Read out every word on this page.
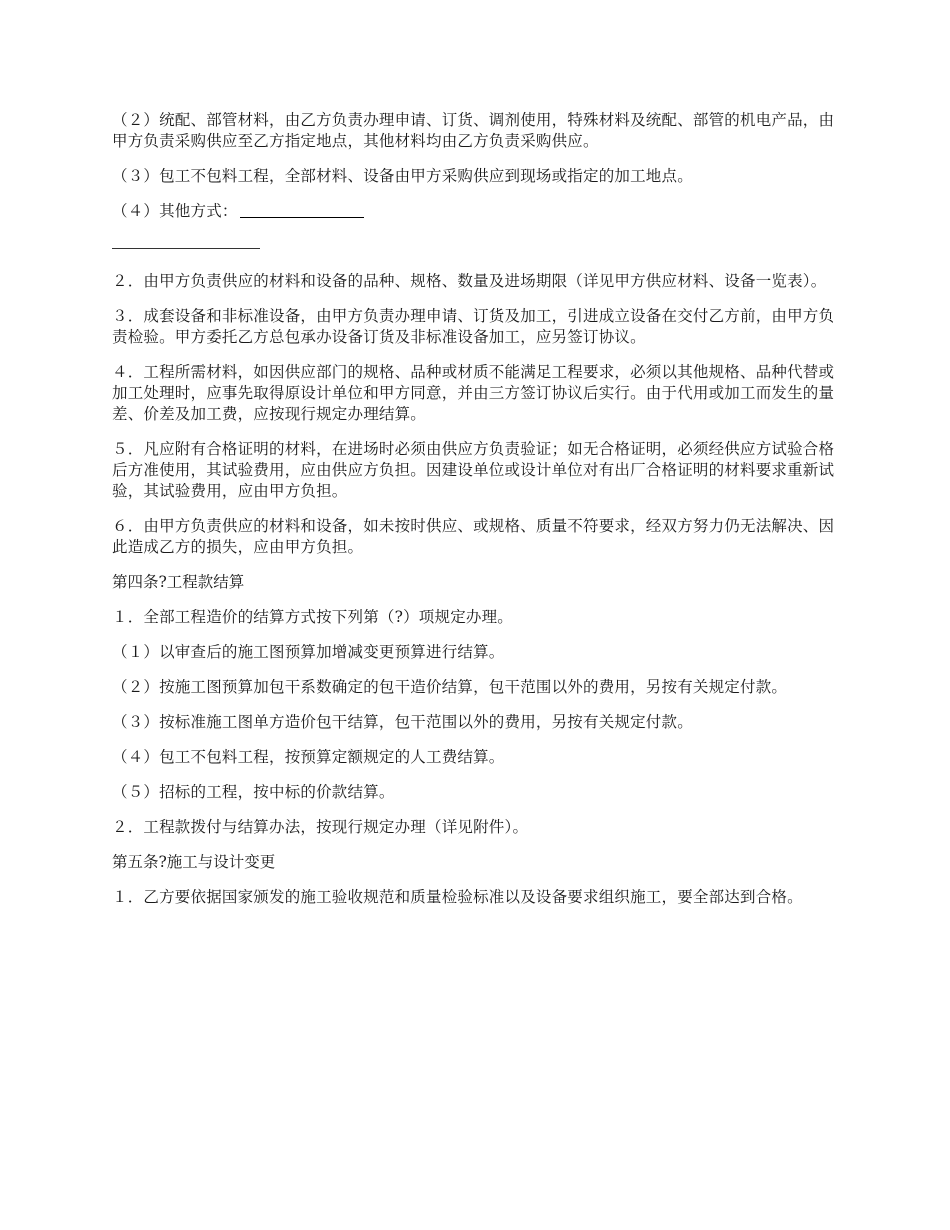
（２）统配、部管材料，由乙方负责办理申请、订货、调剂使用，特殊材料及统配、部管的机电产品，由甲方负责采购供应至乙方指定地点，其他材料均由乙方负责采购供应。

（３）包工不包料工程，全部材料、设备由甲方采购供应到现场或指定的加工地点。

（４）其他方式：

２．由甲方负责供应的材料和设备的品种、规格、数量及进场期限（详见甲方供应材料、设备一览表）。

３．成套设备和非标准设备，由甲方负责办理申请、订货及加工，引进成立设备在交付乙方前，由甲方负责检验。甲方委托乙方总包承办设备订货及非标准设备加工，应另签订协议。

４．工程所需材料，如因供应部门的规格、品种或材质不能满足工程要求，必须以其他规格、品种代替或加工处理时，应事先取得原设计单位和甲方同意，并由三方签订协议后实行。由于代用或加工而发生的量差、价差及加工费，应按现行规定办理结算。

５．凡应附有合格证明的材料，在进场时必须由供应方负责验证；如无合格证明，必须经供应方试验合格后方准使用，其试验费用，应由供应方负担。因建设单位或设计单位对有出厂合格证明的材料要求重新试验，其试验费用，应由甲方负担。

６．由甲方负责供应的材料和设备，如未按时供应、或规格、质量不符要求，经双方努力仍无法解决、因此造成乙方的损失，应由甲方负担。

第四条?工程款结算

１．全部工程造价的结算方式按下列第（?）项规定办理。

（１）以审查后的施工图预算加增减变更预算进行结算。

（２）按施工图预算加包干系数确定的包干造价结算，包干范围以外的费用，另按有关规定付款。

（３）按标准施工图单方造价包干结算，包干范围以外的费用，另按有关规定付款。

（４）包工不包料工程，按预算定额规定的人工费结算。

（５）招标的工程，按中标的价款结算。

２．工程款拨付与结算办法，按现行规定办理（详见附件）。

第五条?施工与设计变更

１．乙方要依据国家颁发的施工验收规范和质量检验标准以及设备要求组织施工，要全部达到合格。
